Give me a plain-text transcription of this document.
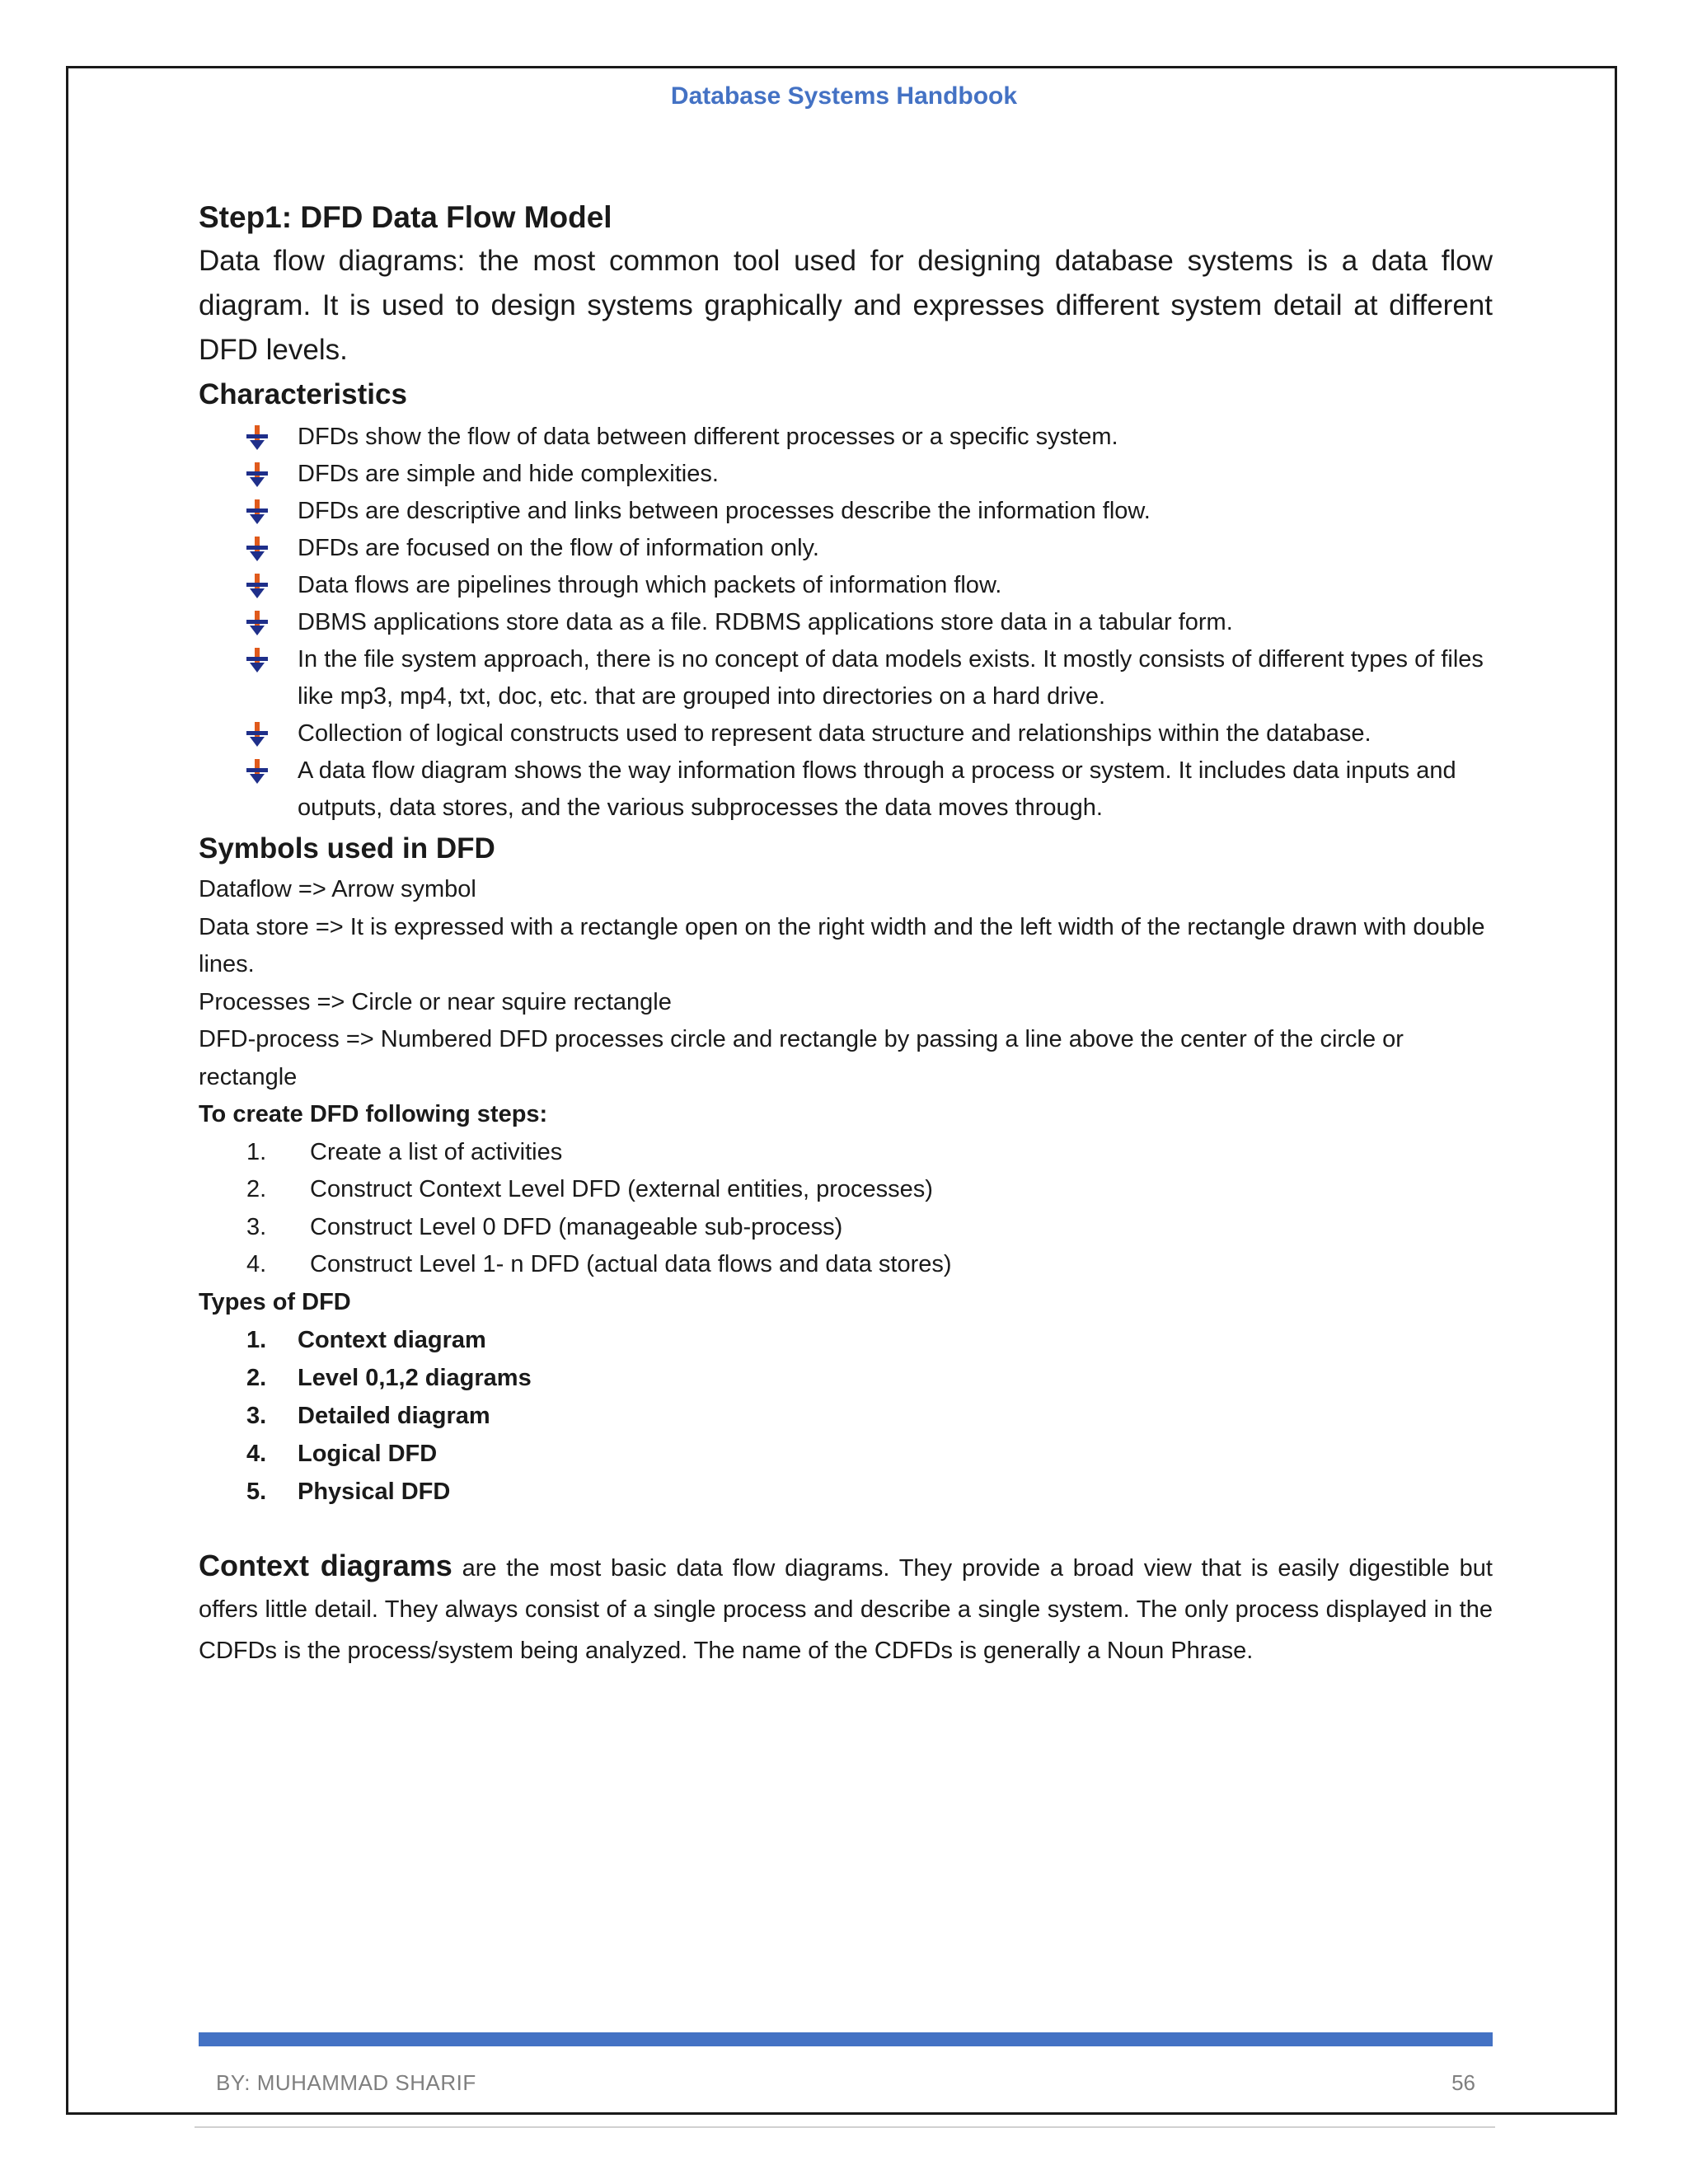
Database Systems Handbook
Step1: DFD Data Flow Model

Data flow diagrams: the most common tool used for designing database systems is a data flow diagram. It is used to design systems graphically and expresses different system detail at different DFD levels.

Characteristics
DFDs show the flow of data between different processes or a specific system.
DFDs are simple and hide complexities.
DFDs are descriptive and links between processes describe the information flow.
DFDs are focused on the flow of information only.
Data flows are pipelines through which packets of information flow.
DBMS applications store data as a file. RDBMS applications store data in a tabular form.
In the file system approach, there is no concept of data models exists. It mostly consists of different types of files like mp3, mp4, txt, doc, etc. that are grouped into directories on a hard drive.
Collection of logical constructs used to represent data structure and relationships within the database.
A data flow diagram shows the way information flows through a process or system. It includes data inputs and outputs, data stores, and the various subprocesses the data moves through.
Symbols used in DFD

Dataflow => Arrow symbol

Data store => It is expressed with a rectangle open on the right width and the left width of the rectangle drawn with double lines.

Processes => Circle or near squire rectangle

DFD-process => Numbered DFD processes circle and rectangle by passing a line above the center of the circle or rectangle

To create DFD following steps:

1. Create a list of activities
2. Construct Context Level DFD (external entities, processes)
3. Construct Level 0 DFD (manageable sub-process)
4. Construct Level 1- n DFD (actual data flows and data stores)

Types of DFD

1. Context diagram
2. Level 0,1,2 diagrams
3. Detailed diagram
4. Logical DFD
5. Physical DFD

Context diagrams are the most basic data flow diagrams. They provide a broad view that is easily digestible but offers little detail. They always consist of a single process and describe a single system. The only process displayed in the CDFDs is the process/system being analyzed. The name of the CDFDs is generally a Noun Phrase.

BY: MUHAMMAD SHARIF	56
